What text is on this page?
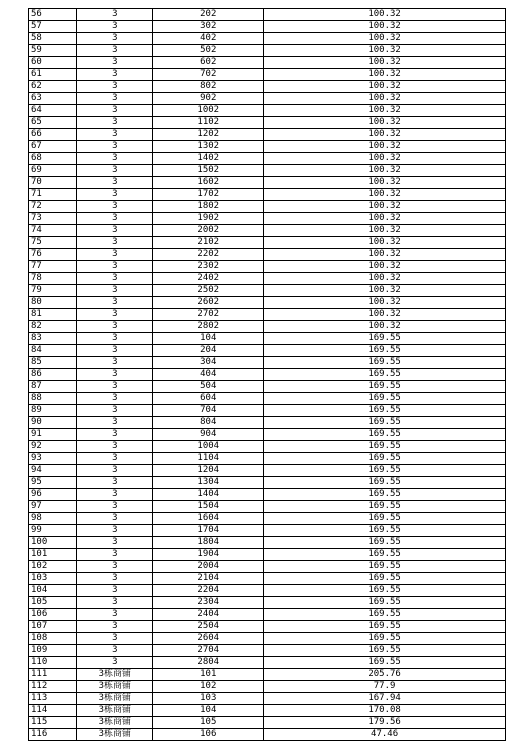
56	3	202	100.32
57	3	302	100.32
58	3	402	100.32
59	3	502	100.32
60	3	602	100.32
61	3	702	100.32
62	3	802	100.32
63	3	902	100.32
64	3	1002	100.32
65	3	1102	100.32
66	3	1202	100.32
67	3	1302	100.32
68	3	1402	100.32
69	3	1502	100.32
70	3	1602	100.32
71	3	1702	100.32
72	3	1802	100.32
73	3	1902	100.32
74	3	2002	100.32
75	3	2102	100.32
76	3	2202	100.32
77	3	2302	100.32
78	3	2402	100.32
79	3	2502	100.32
80	3	2602	100.32
81	3	2702	100.32
82	3	2802	100.32
83	3	104	169.55
84	3	204	169.55
85	3	304	169.55
86	3	404	169.55
87	3	504	169.55
88	3	604	169.55
89	3	704	169.55
90	3	804	169.55
91	3	904	169.55
92	3	1004	169.55
93	3	1104	169.55
94	3	1204	169.55
95	3	1304	169.55
96	3	1404	169.55
97	3	1504	169.55
98	3	1604	169.55
99	3	1704	169.55
100	3	1804	169.55
101	3	1904	169.55
102	3	2004	169.55
103	3	2104	169.55
104	3	2204	169.55
105	3	2304	169.55
106	3	2404	169.55
107	3	2504	169.55
108	3	2604	169.55
109	3	2704	169.55
110	3	2804	169.55
111	3栋商铺	101	205.76
112	3栋商铺	102	77.9
113	3栋商铺	103	167.94
114	3栋商铺	104	170.08
115	3栋商铺	105	179.56
116	3栋商铺	106	47.46
